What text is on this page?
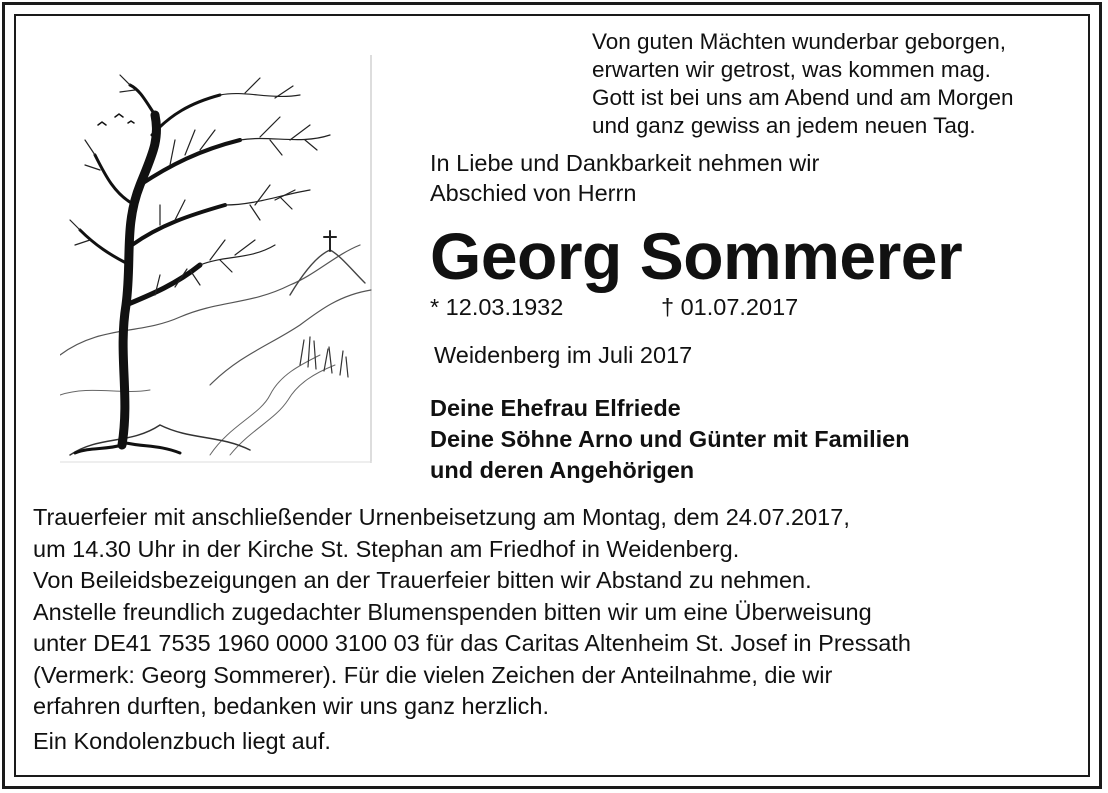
Von guten Mächten wunderbar geborgen,
erwarten wir getrost, was kommen mag.
Gott ist bei uns am Abend und am Morgen
und ganz gewiss an jedem neuen Tag.
In Liebe und Dankbarkeit nehmen wir
Abschied von Herrn
Georg Sommerer
* 12.03.1932	† 01.07.2017
Weidenberg im Juli 2017
Deine Ehefrau Elfriede
Deine Söhne Arno und Günter mit Familien
und deren Angehörigen
Trauerfeier mit anschließender Urnenbeisetzung am Montag, dem 24.07.2017,
um 14.30 Uhr in der Kirche St. Stephan am Friedhof in Weidenberg.
Von Beileidsbezeigungen an der Trauerfeier bitten wir Abstand zu nehmen.
Anstelle freundlich zugedachter Blumenspenden bitten wir um eine Überweisung
unter DE41 7535 1960 0000 3100 03 für das Caritas Altenheim St. Josef in Pressath
(Vermerk: Georg Sommerer). Für die vielen Zeichen der Anteilnahme, die wir
erfahren durften, bedanken wir uns ganz herzlich.
Ein Kondolenzbuch liegt auf.
